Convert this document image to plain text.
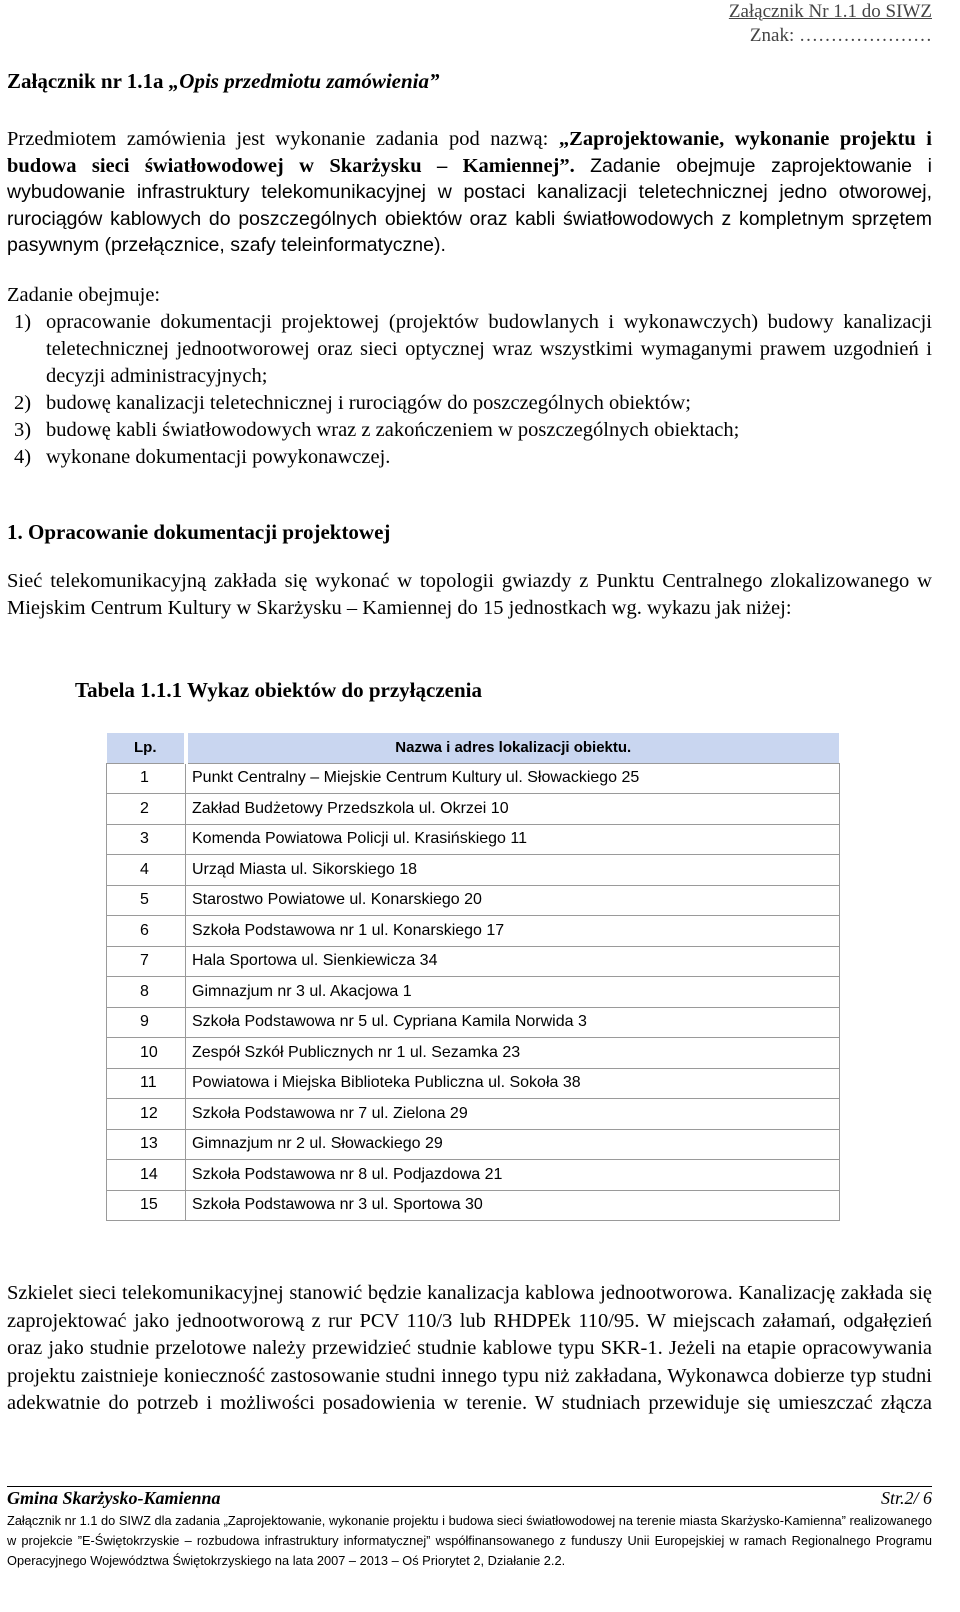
Załącznik Nr 1.1 do SIWZ
Znak: …………………
Załącznik nr 1.1a „Opis przedmiotu zamówienia”
Przedmiotem zamówienia jest wykonanie zadania pod nazwą: „Zaprojektowanie, wykonanie projektu i budowa sieci światłowodowej w Skarżysku – Kamiennej”. Zadanie obejmuje zaprojektowanie i wybudowanie infrastruktury telekomunikacyjnej w postaci kanalizacji teletechnicznej jedno otworowej, rurociągów kablowych do poszczególnych obiektów oraz kabli światłowodowych z kompletnym sprzętem pasywnym (przełącznice, szafy teleinformatyczne).
Zadanie obejmuje:
1) opracowanie dokumentacji projektowej (projektów budowlanych i wykonawczych) budowy kanalizacji teletechnicznej jednootworowej oraz sieci optycznej wraz wszystkimi wymaganymi prawem uzgodnień i decyzji administracyjnych;
2) budowę kanalizacji teletechnicznej i rurociągów do poszczególnych obiektów;
3) budowę kabli światłowodowych wraz z zakończeniem w poszczególnych obiektach;
4) wykonane dokumentacji powykonawczej.
1. Opracowanie dokumentacji projektowej
Sieć telekomunikacyjną zakłada się wykonać w topologii gwiazdy z Punktu Centralnego zlokalizowanego w Miejskim Centrum Kultury w Skarżysku – Kamiennej do 15 jednostkach wg. wykazu jak niżej:
Tabela 1.1.1 Wykaz obiektów do przyłączenia
Lp.	Nazwa i adres lokalizacji obiektu.
1	Punkt Centralny – Miejskie Centrum Kultury ul. Słowackiego 25
2	Zakład Budżetowy Przedszkola ul. Okrzei 10
3	Komenda Powiatowa Policji ul. Krasińskiego 11
4	Urząd Miasta ul. Sikorskiego 18
5	Starostwo Powiatowe ul. Konarskiego 20
6	Szkoła Podstawowa nr 1 ul. Konarskiego 17
7	Hala Sportowa ul. Sienkiewicza 34
8	Gimnazjum nr 3 ul. Akacjowa 1
9	Szkoła Podstawowa nr 5 ul. Cypriana Kamila Norwida 3
10	Zespół Szkół Publicznych nr 1 ul. Sezamka 23
11	Powiatowa i Miejska Biblioteka Publiczna ul. Sokoła 38
12	Szkoła Podstawowa nr 7 ul. Zielona 29
13	Gimnazjum nr 2 ul. Słowackiego 29
14	Szkoła Podstawowa nr 8 ul. Podjazdowa 21
15	Szkoła Podstawowa nr 3 ul. Sportowa 30
Szkielet sieci telekomunikacyjnej stanowić będzie kanalizacja kablowa jednootworowa. Kanalizację zakłada się zaprojektować jako jednootworową z rur PCV 110/3 lub RHDPEk 110/95. W miejscach załamań, odgałęzień oraz jako studnie przelotowe należy przewidzieć studnie kablowe typu SKR-1. Jeżeli na etapie opracowywania projektu zaistnieje konieczność zastosowanie studni innego typu niż zakładana, Wykonawca dobierze typ studni adekwatnie do potrzeb i możliwości posadowienia w terenie. W studniach przewiduje się umieszczać złącza
Gmina Skarżysko-Kamienna	Str.2/ 6
Załącznik nr 1.1 do SIWZ dla zadania „Zaprojektowanie, wykonanie projektu i budowa sieci światłowodowej na terenie miasta Skarżysko-Kamienna” realizowanego w projekcie ”E-Świętokrzyskie – rozbudowa infrastruktury informatycznej” współfinansowanego z funduszy Unii Europejskiej w ramach Regionalnego Programu Operacyjnego Województwa Świętokrzyskiego na lata 2007 – 2013 – Oś Priorytet 2, Działanie 2.2.
